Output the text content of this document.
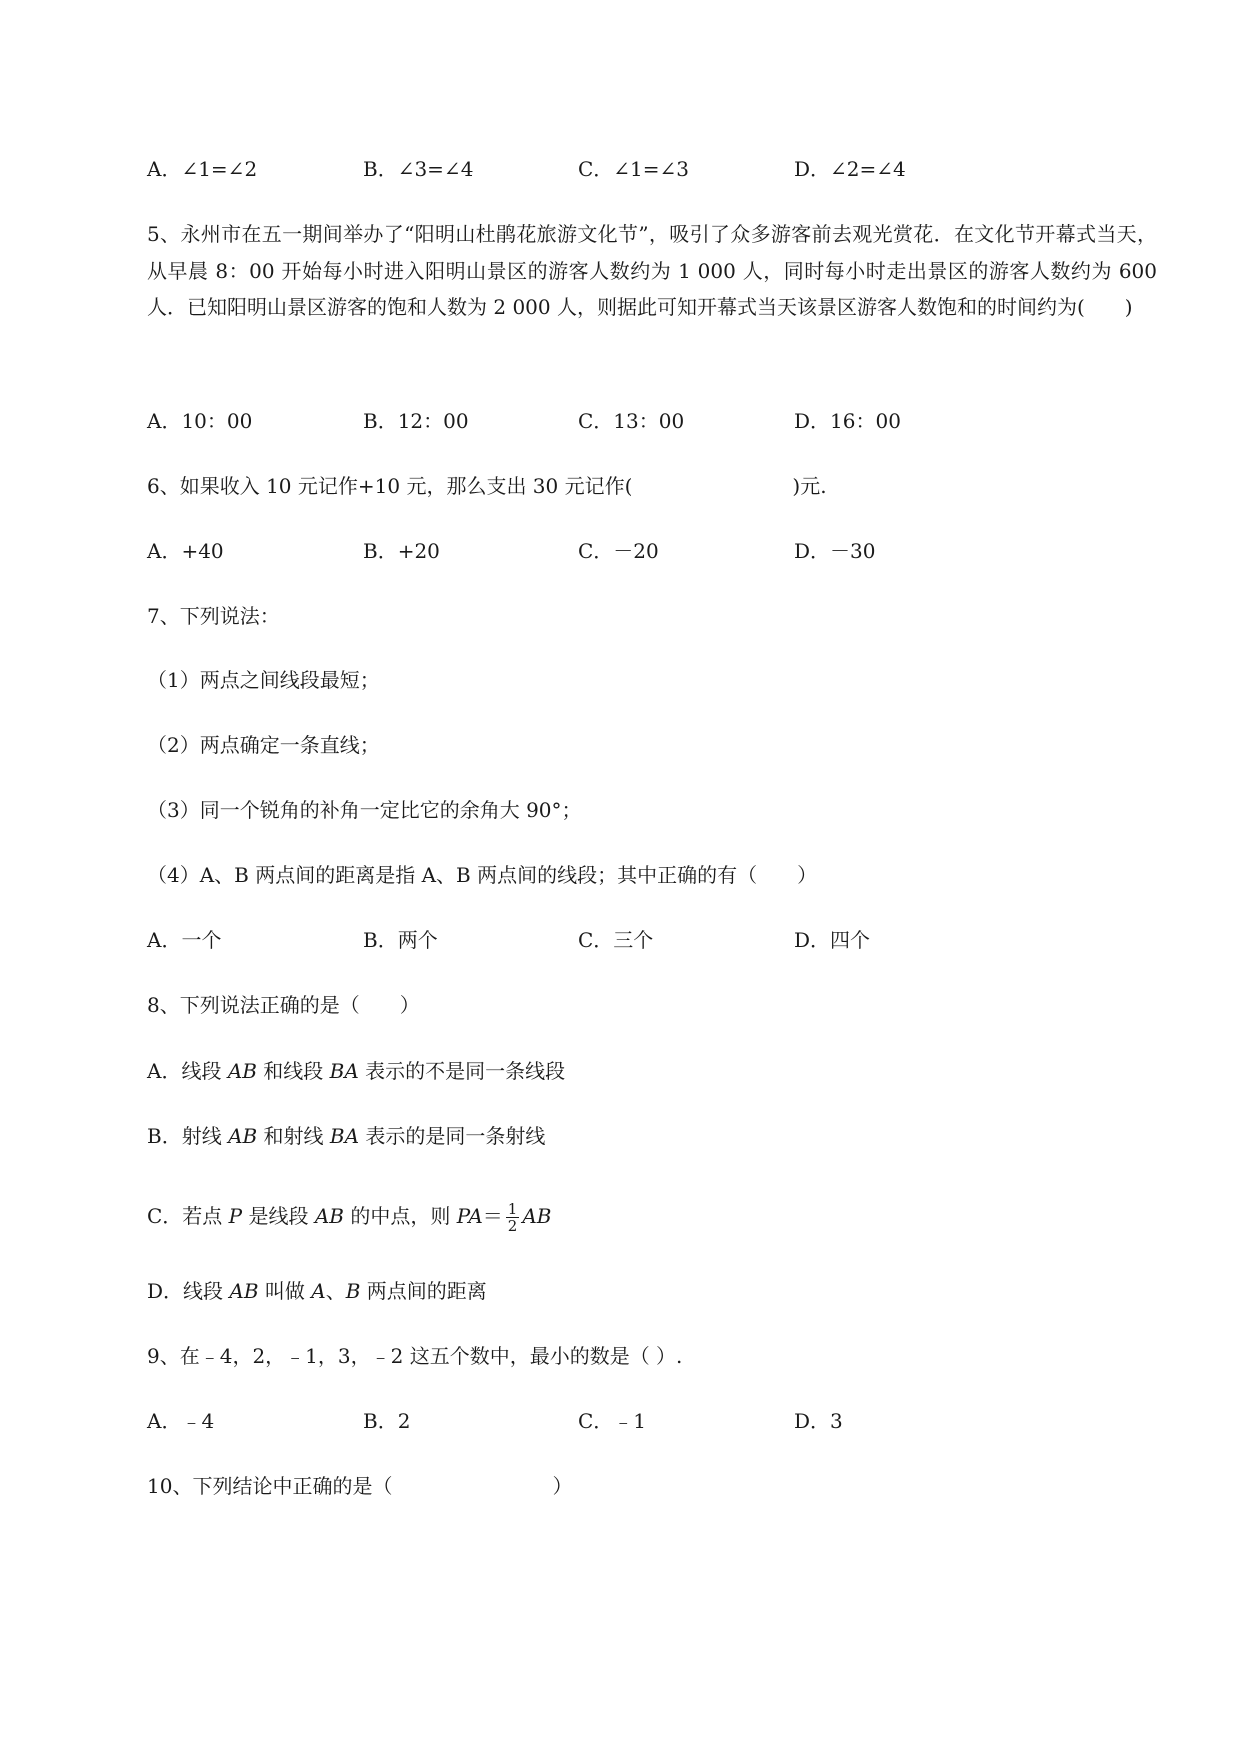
A．∠1=∠2	B．∠3=∠4	C．∠1=∠3	D．∠2=∠4
5、永州市在五一期间举办了“阳明山杜鹃花旅游文化节”，吸引了众多游客前去观光赏花．在文化节开幕式当天，从早晨 8：00 开始每小时进入阳明山景区的游客人数约为 1 000 人，同时每小时走出景区的游客人数约为 600 人．已知阳明山景区游客的饱和人数为 2 000 人，则据此可知开幕式当天该景区游客人数饱和的时间约为(　　)
A．10：00	B．12：00	C．13：00	D．16：00
6、如果收入 10 元记作+10 元，那么支出 30 元记作(　　　　　　　　)元.
A．+40	B．+20	C．－20	D．－30
7、下列说法：
（1）两点之间线段最短；
（2）两点确定一条直线；
（3）同一个锐角的补角一定比它的余角大 90°；
（4）A、B 两点间的距离是指 A、B 两点间的线段；其中正确的有（　　）
A．一个	B．两个	C．三个	D．四个
8、下列说法正确的是（　　）
A．线段 AB 和线段 BA 表示的不是同一条线段
B．射线 AB 和射线 BA 表示的是同一条射线
C．若点 P 是线段 AB 的中点，则 $PA= \frac{1}{2}$ AB
D．线段 AB 叫做 A、B 两点间的距离
9、在﹣4，2，﹣1，3，﹣2 这五个数中，最小的数是（ ）.
A．﹣4	B．2	C．﹣1	D．3
10、下列结论中正确的是（　　　　　　　　）
